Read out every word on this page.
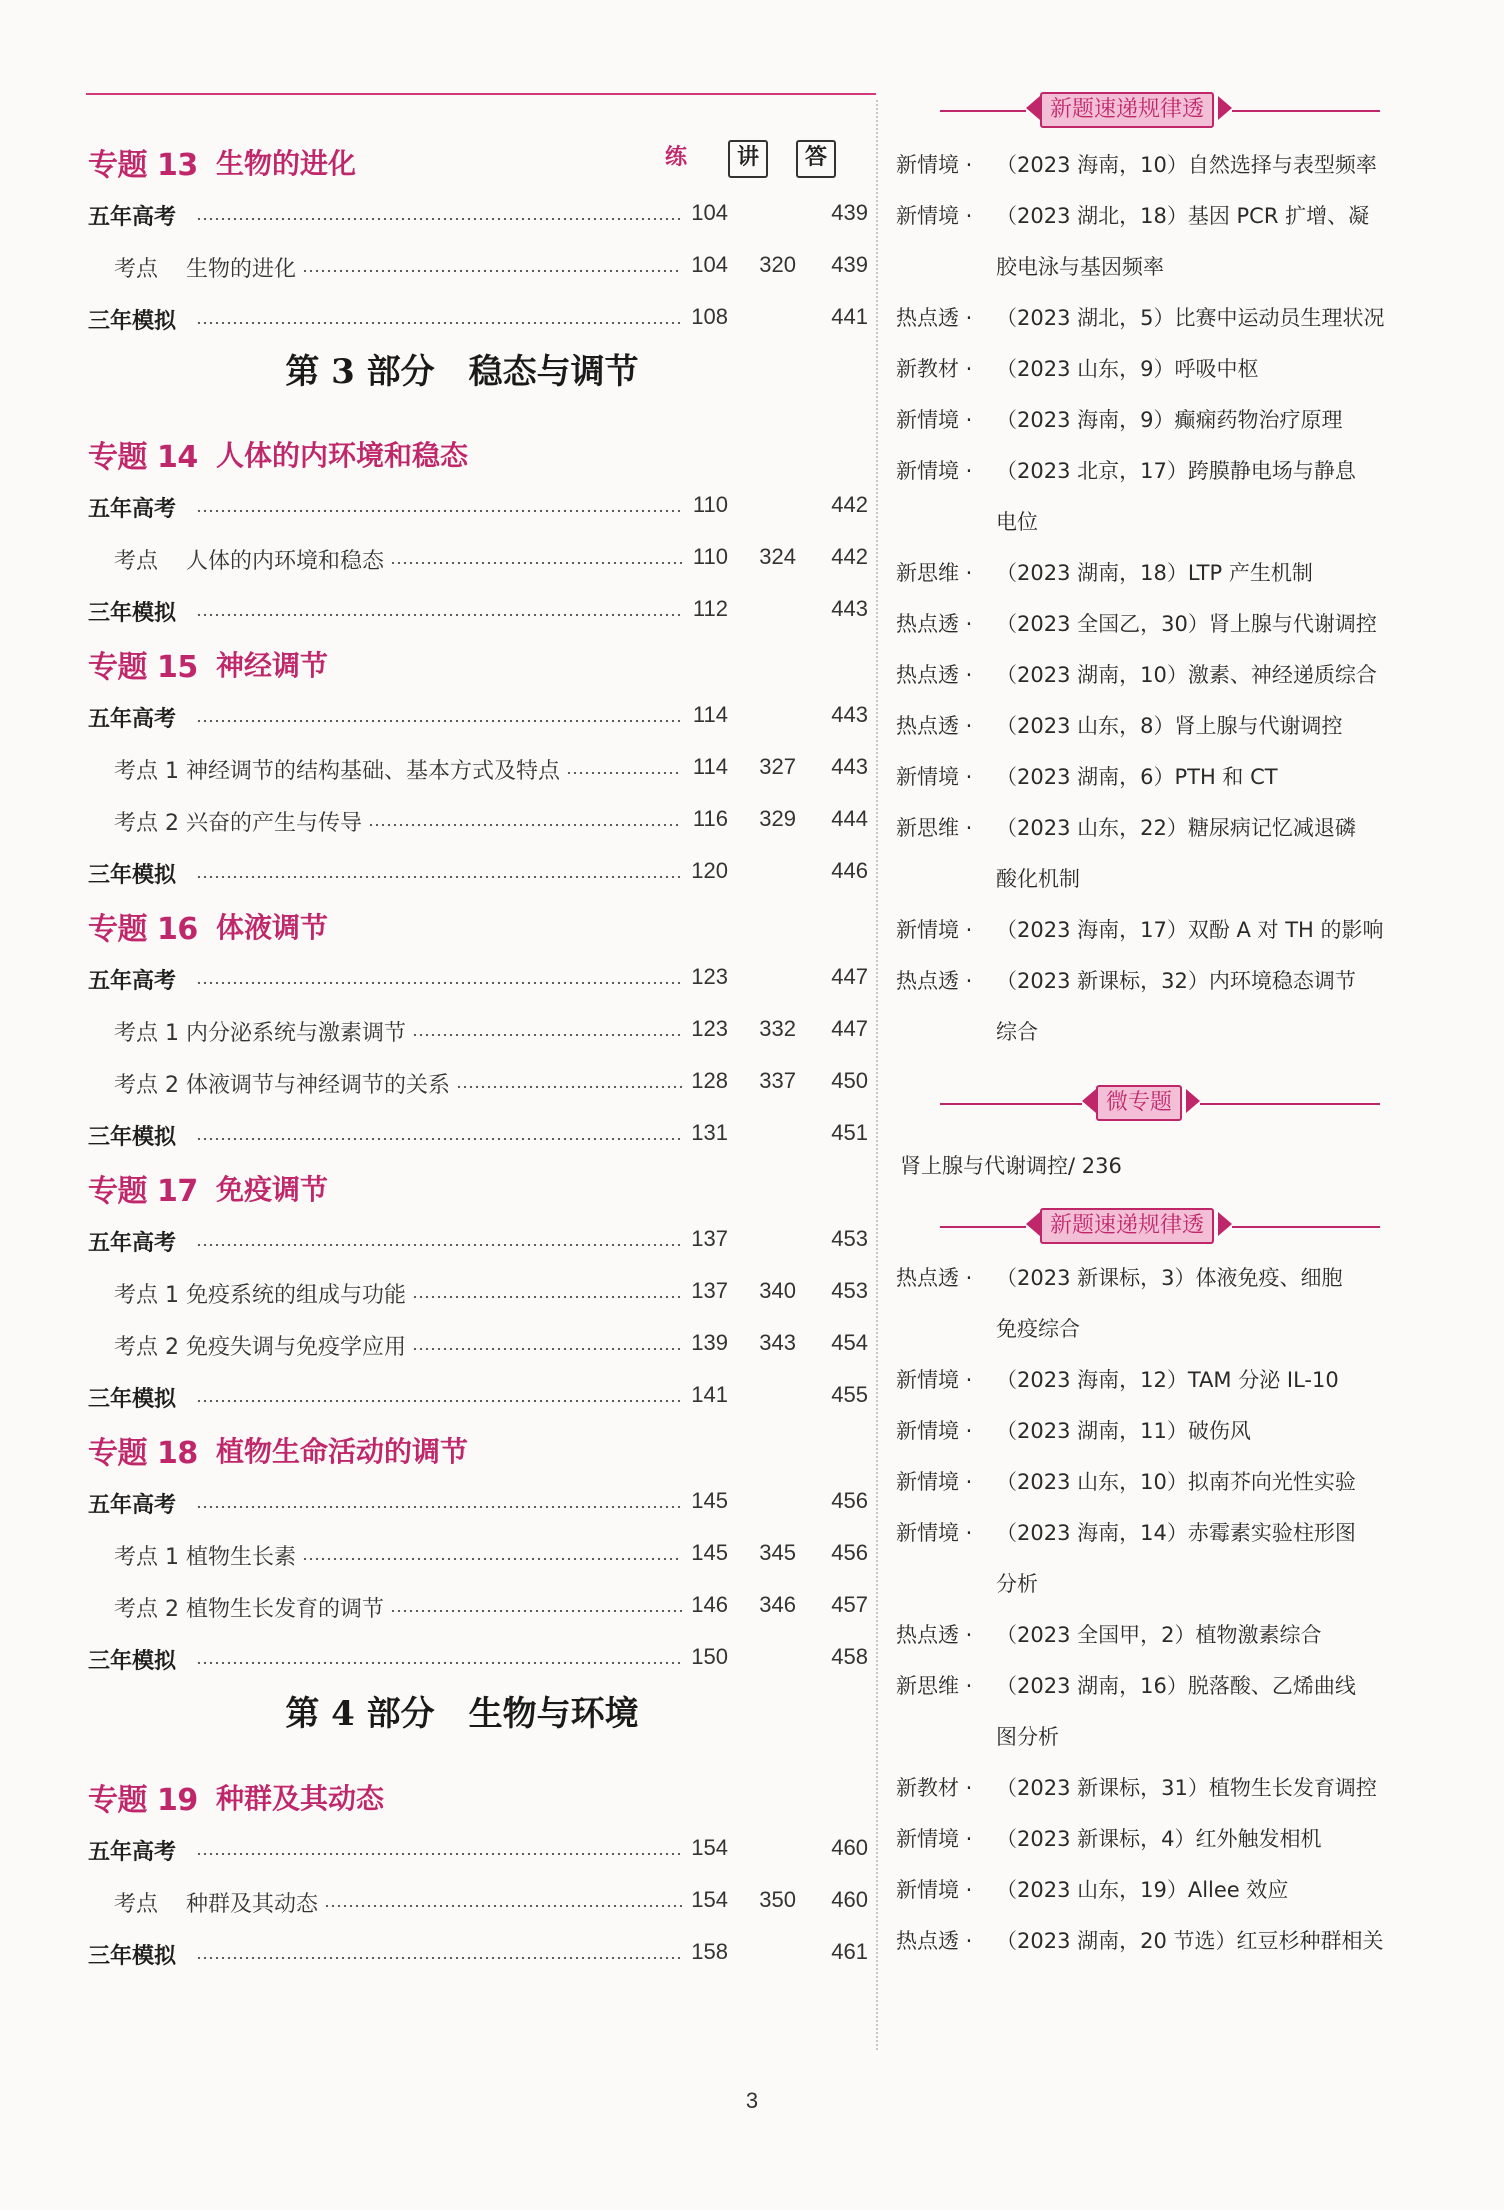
专题 13 生物的进化	练	讲	答
五年高考	104	439
考点 生物的进化	104	320	439
三年模拟	108	441
专题 14 人体的内环境和稳态
五年高考	110	442
考点 人体的内环境和稳态	110	324	442
三年模拟	112	443
专题 15 神经调节
五年高考	114	443
考点 1 神经调节的结构基础、基本方式及特点	114	327	443
考点 2 兴奋的产生与传导	116	329	444
三年模拟	120	446
专题 16 体液调节
五年高考	123	447
考点 1 内分泌系统与激素调节	123	332	447
考点 2 体液调节与神经调节的关系	128	337	450
三年模拟	131	451
专题 17 免疫调节
五年高考	137	453
考点 1 免疫系统的组成与功能	137	340	453
考点 2 免疫失调与免疫学应用	139	343	454
三年模拟	141	455
专题 18 植物生命活动的调节
五年高考	145	456
考点 1 植物生长素	145	345	456
考点 2 植物生长发育的调节	146	346	457
三年模拟	150	458
专题 19 种群及其动态
五年高考	154	460
考点 种群及其动态	154	350	460
三年模拟	158	461
第 3 部分　稳态与调节
第 4 部分　生物与环境
新题速递规律透
微专题
新题速递规律透
新情境 · （2023 海南，10）自然选择与表型频率
新情境 · （2023 湖北，18）基因 PCR 扩增、凝
胶电泳与基因频率
热点透 · （2023 湖北，5）比赛中运动员生理状况
新教材 · （2023 山东，9）呼吸中枢
新情境 · （2023 海南，9）癫痫药物治疗原理
新情境 · （2023 北京，17）跨膜静电场与静息
电位
新思维 · （2023 湖南，18）LTP 产生机制
热点透 · （2023 全国乙，30）肾上腺与代谢调控
热点透 · （2023 湖南，10）激素、神经递质综合
热点透 · （2023 山东，8）肾上腺与代谢调控
新情境 · （2023 湖南，6）PTH 和 CT
新思维 · （2023 山东，22）糖尿病记忆减退磷
酸化机制
新情境 · （2023 海南，17）双酚 A 对 TH 的影响
热点透 · （2023 新课标，32）内环境稳态调节
综合
肾上腺与代谢调控/ 236
热点透 · （2023 新课标，3）体液免疫、细胞
免疫综合
新情境 · （2023 海南，12）TAM 分泌 IL-10
新情境 · （2023 湖南，11）破伤风
新情境 · （2023 山东，10）拟南芥向光性实验
新情境 · （2023 海南，14）赤霉素实验柱形图
分析
热点透 · （2023 全国甲，2）植物激素综合
新思维 · （2023 湖南，16）脱落酸、乙烯曲线
图分析
新教材 · （2023 新课标，31）植物生长发育调控
新情境 · （2023 新课标，4）红外触发相机
新情境 · （2023 山东，19）Allee 效应
热点透 · （2023 湖南，20 节选）红豆杉种群相关
3
